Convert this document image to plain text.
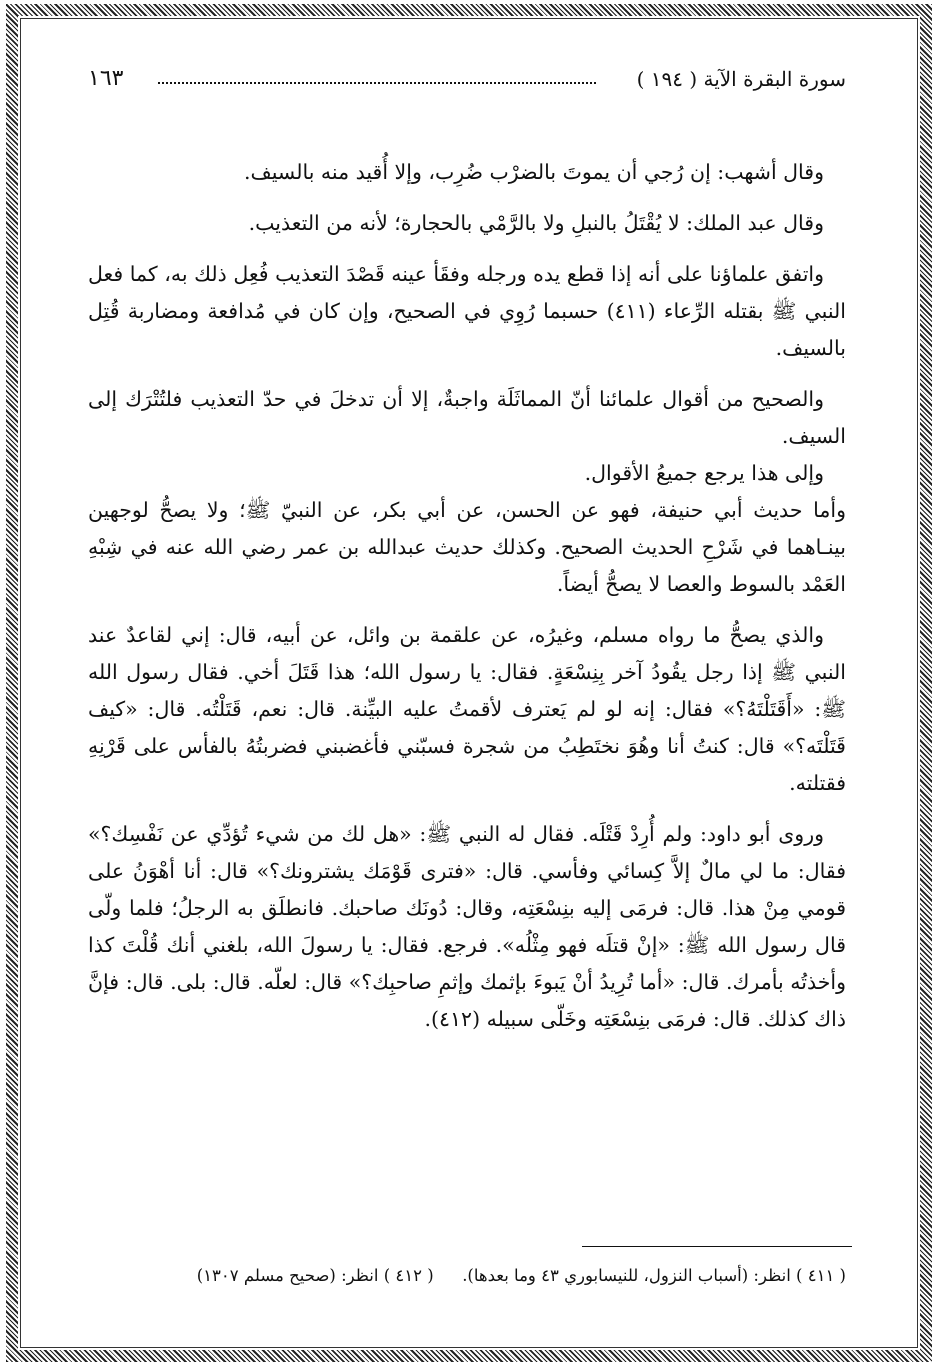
سورة البقرة الآية ( ١٩٤ )
١٦٣

وقال أشهب: إن رُجي أن يموتَ بالضرْب ضُرِب، وإلا أُقيد منه بالسيف.

وقال عبد الملك: لا يُقْتَلُ بالنبلِ ولا بالرَّمْي بالحجارة؛ لأنه من التعذيب.

واتفق علماؤنا على أنه إذا قطع يده ورجله وفقَأ عينه قَصْدَ التعذيب فُعِل ذلك به، كما فعل النبي ﷺ بقتله الرِّعاء (٤١١) حسبما رُوِي في الصحيح، وإن كان في مُدافعة ومضاربة قُتِل بالسيف.

والصحيح من أقوال علمائنا أنّ المماثَلَة واجبةٌ، إلا أن تدخلَ في حدّ التعذيب فلتُتْرَك إلى السيف.

وإلى هذا يرجع جميعُ الأقوال.

وأما حديث أبي حنيفة، فهو عن الحسن، عن أبي بكر، عن النبيّ ﷺ؛ ولا يصحُّ لوجهين بينـاهما في شَرْحِ الحديث الصحيح. وكذلك حديث عبدالله بن عمر رضي الله عنه في شِبْهِ العَمْد بالسوط والعصا لا يصحُّ أيضاً.

والذي يصحُّ ما رواه مسلم، وغيرُه، عن علقمة بن وائل، عن أبيه، قال: إني لقاعدٌ عند النبي ﷺ إذا رجل يقُودُ آخر بِنِسْعَةٍ. فقال: يا رسول الله؛ هذا قَتَلَ أخي. فقال رسول الله ﷺ: «أَقَتَلْتَهُ؟» فقال: إنه لو لم يَعترف لأقمتُ عليه البيِّنة. قال: نعم، قَتَلْتُه. قال: «كيف قَتَلْتَه؟» قال: كنتُ أنا وهُوَ نختَطِبُ من شجرة فسبّني فأغضبني فضربتُهُ بالفأس على قَرْنِهِ فقتلته.

وروى أبو داود: ولم أُرِدْ قَتْلَه. فقال له النبي ﷺ: «هل لك من شيء تُؤدِّي عن نَفْسِك؟» فقال: ما لي مالٌ إلاَّ كِسائي وفأسي. قال: «فترى قَوْمَك يشترونك؟» قال: أنا أهْوَنُ على قومي مِنْ هذا. قال: فرمَى إليه بنِسْعَتِه، وقال: دُونَك صاحبك. فانطلَق به الرجلُ؛ فلما ولّى قال رسول الله ﷺ: «إنْ قتلَه فهو مِثْلُه». فرجع. فقال: يا رسولَ الله، بلغني أنك قُلْتَ كذا وأخذتُه بأمرك. قال: «أما تُرِيدُ أنْ يَبوءَ بإثمك وإثمِ صاحبِك؟» قال: لعلّه. قال: بلى. قال: فإنَّ ذاك كذلك. قال: فرمَى بنِسْعَتِه وخَلّى سبيله (٤١٢).

( ٤١١ ) انظر: (أسباب النزول، للنيسابوري ٤٣ وما بعدها).  ( ٤١٢ ) انظر: (صحيح مسلم ١٣٠٧)
